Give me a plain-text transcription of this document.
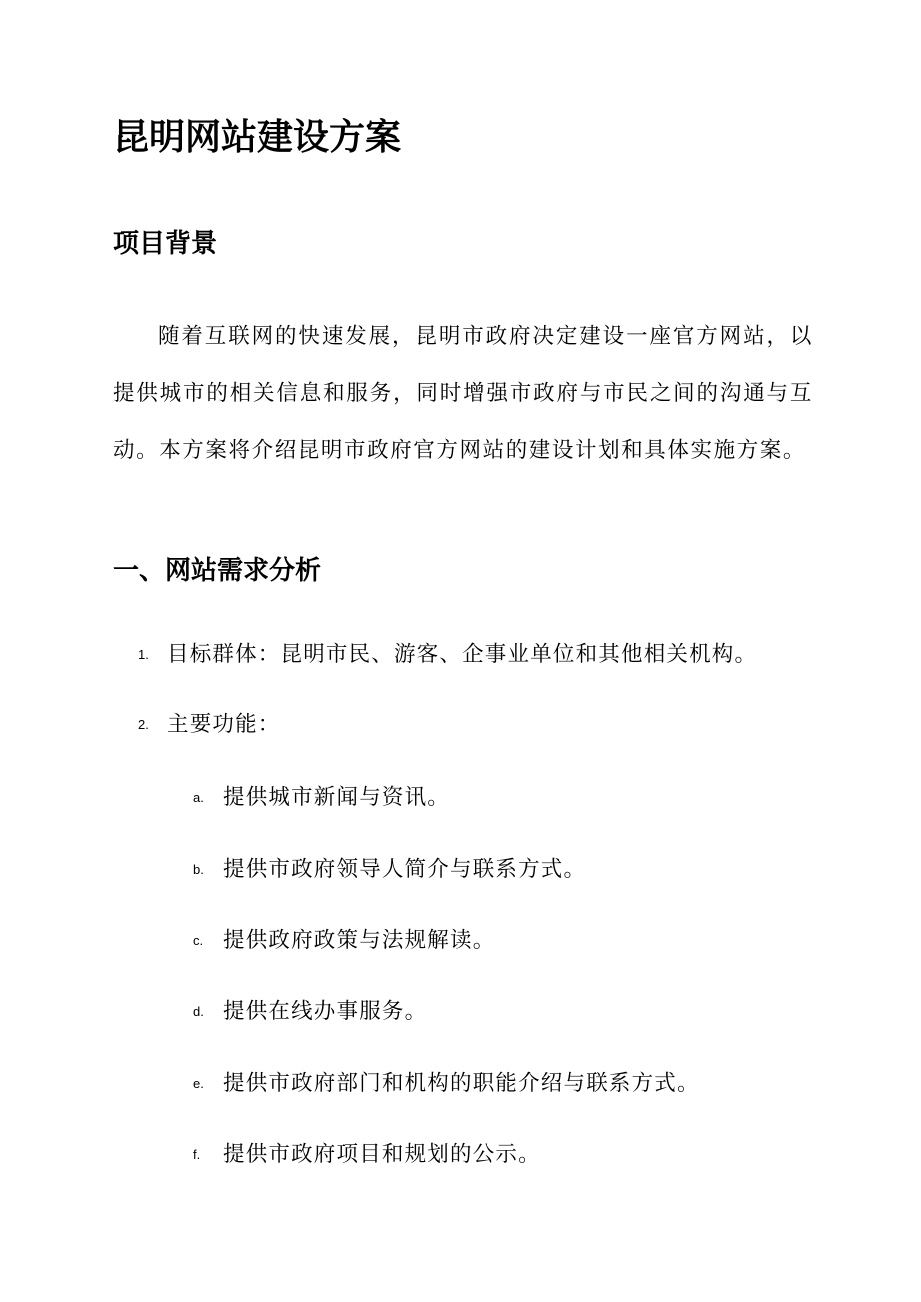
昆明网站建设方案
项目背景

随着互联网的快速发展，昆明市政府决定建设一座官方网站，以提供城市的相关信息和服务，同时增强市政府与市民之间的沟通与互动。本方案将介绍昆明市政府官方网站的建设计划和具体实施方案。

一、网站需求分析
1. 目标群体：昆明市民、游客、企事业单位和其他相关机构。
2. 主要功能：
a. 提供城市新闻与资讯。
b. 提供市政府领导人简介与联系方式。
c. 提供政府政策与法规解读。
d. 提供在线办事服务。
e. 提供市政府部门和机构的职能介绍与联系方式。
f. 提供市政府项目和规划的公示。
